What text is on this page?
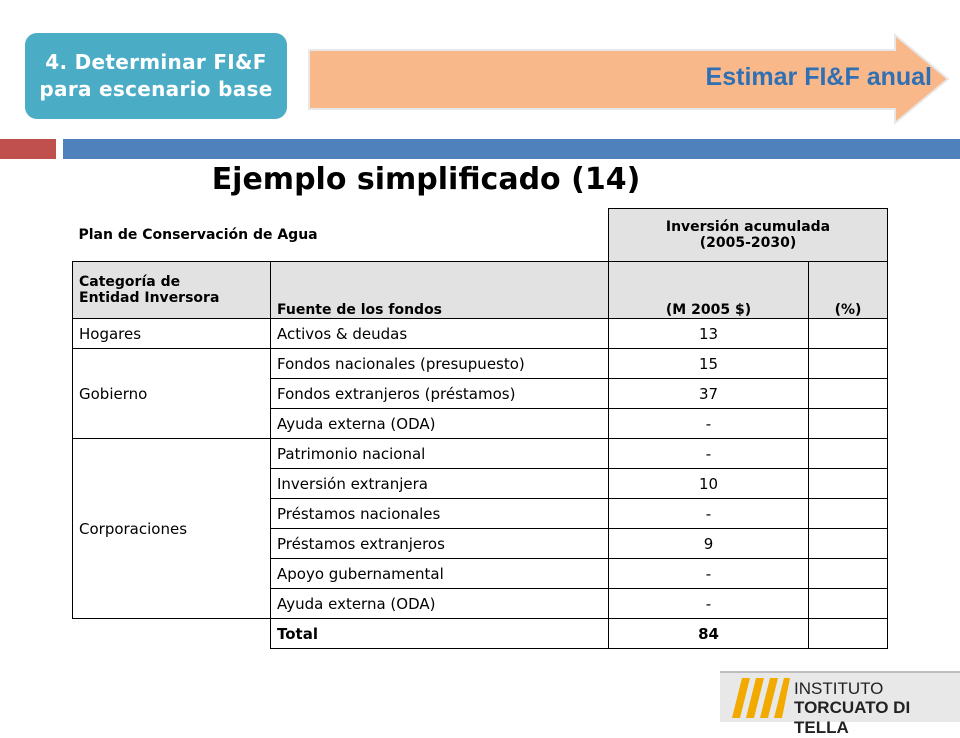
4. Determinar FI&F
para escenario base	Estimar FI&F anual
Ejemplo simplificado (14)
Plan de Conservación de Agua		Inversión acumulada
(2005-2030)	

Categoría de
Entidad Inversora	Fuente de los fondos	(M 2005 $)	(%)
Hogares	Activos & deudas	13	
Gobierno	Fondos nacionales (presupuesto)	15	
	Fondos extranjeros (préstamos)	37	
	Ayuda externa (ODA)	-	
Corporaciones	Patrimonio nacional	-	
	Inversión extranjera	10	
	Préstamos nacionales	-	
	Préstamos extranjeros	9	
	Apoyo gubernamental	-	
	Ayuda externa (ODA)	-	
	Total	84	
INSTITUTO
TORCUATO DI TELLA
